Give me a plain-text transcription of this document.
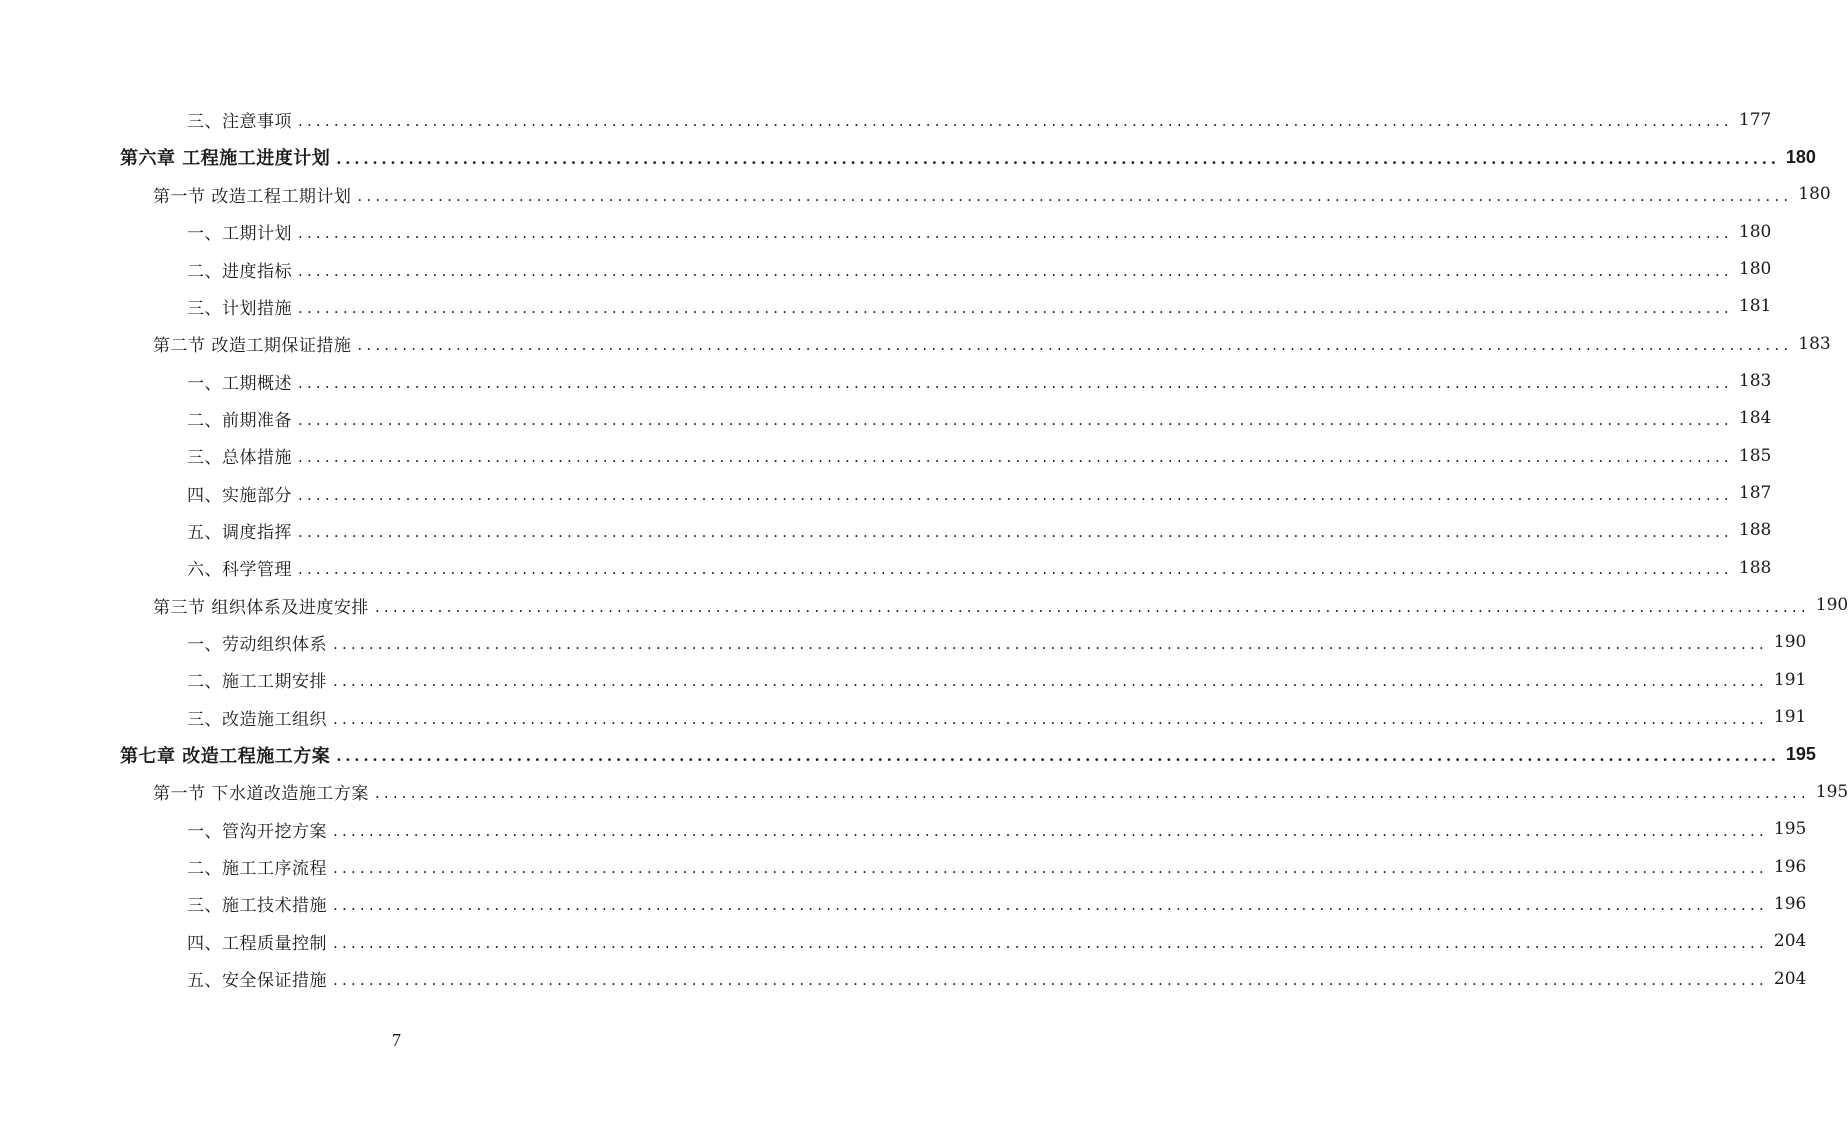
三、注意事项 ................................................................................................................................................................ 177
第六章 工程施工进度计划 ................................................................................................................................................................ 180
第一节 改造工程工期计划 ................................................................................................................................................................ 180
一、工期计划 ................................................................................................................................................................ 180
二、进度指标 ................................................................................................................................................................ 180
三、计划措施 ................................................................................................................................................................ 181
第二节 改造工期保证措施 ................................................................................................................................................................ 183
一、工期概述 ................................................................................................................................................................ 183
二、前期准备 ................................................................................................................................................................ 184
三、总体措施 ................................................................................................................................................................ 185
四、实施部分 ................................................................................................................................................................ 187
五、调度指挥 ................................................................................................................................................................ 188
六、科学管理 ................................................................................................................................................................ 188
第三节 组织体系及进度安排 ................................................................................................................................................................ 190
一、劳动组织体系 ................................................................................................................................................................ 190
二、施工工期安排 ................................................................................................................................................................ 191
三、改造施工组织 ................................................................................................................................................................ 191
第七章 改造工程施工方案 ................................................................................................................................................................ 195
第一节 下水道改造施工方案 ................................................................................................................................................................ 195
一、管沟开挖方案 ................................................................................................................................................................ 195
二、施工工序流程 ................................................................................................................................................................ 196
三、施工技术措施 ................................................................................................................................................................ 196
四、工程质量控制 ................................................................................................................................................................ 204
五、安全保证措施 ................................................................................................................................................................ 204
7
